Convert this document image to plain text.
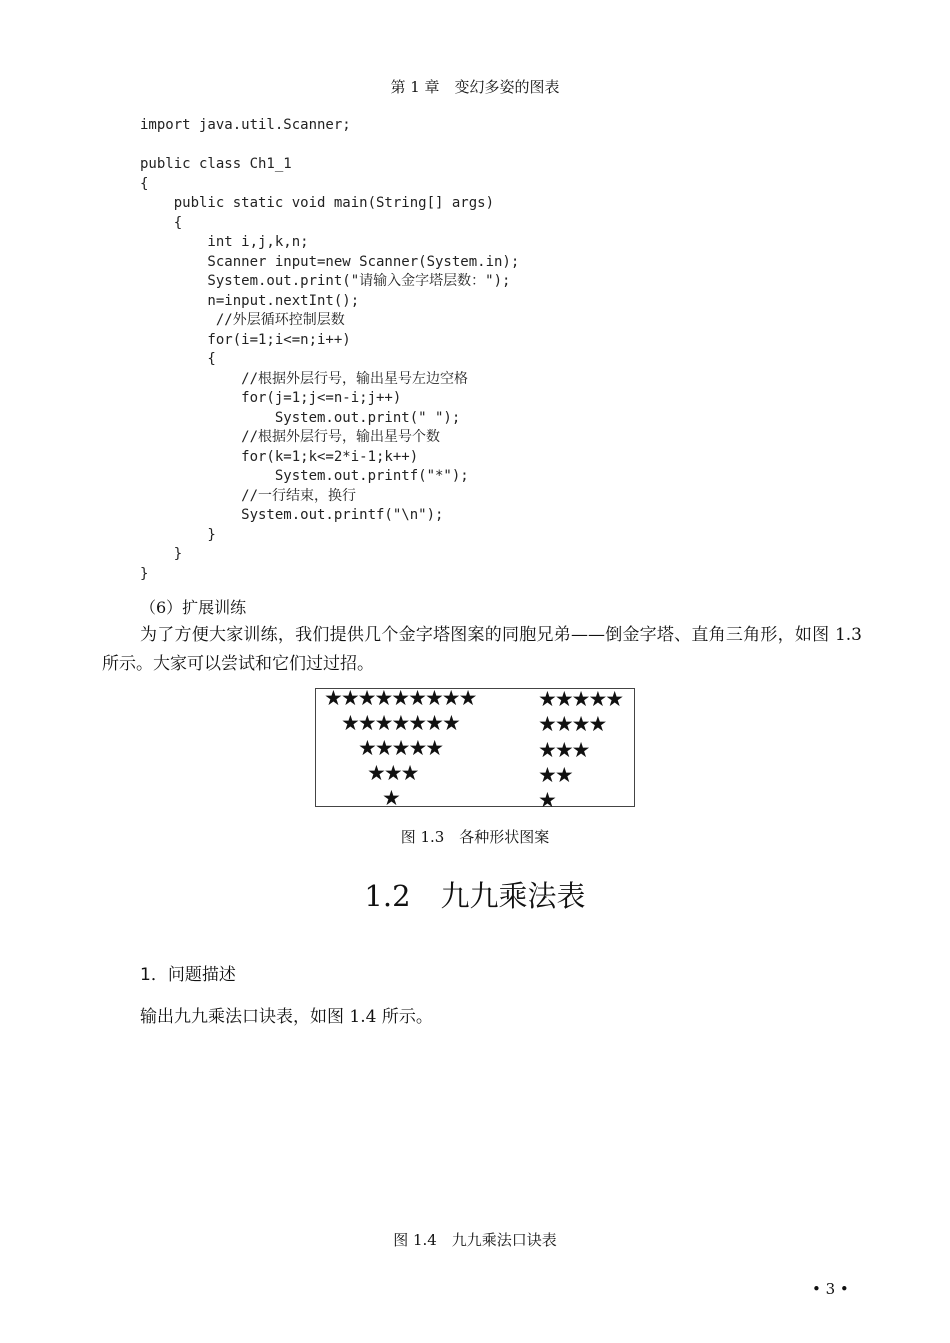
第 1 章　变幻多姿的图表
import java.util.Scanner;
public class Ch1_1
{
public static void main(String[] args)
{
int i,j,k,n;
Scanner input=new Scanner(System.in);
System.out.print("请输入金字塔层数：");
n=input.nextInt();
//外层循环控制层数
for(i=1;i<=n;i++)
{
//根据外层行号，输出星号左边空格
for(j=1;j<=n-i;j++)
System.out.print(" ");
//根据外层行号，输出星号个数
for(k=1;k<=2*i-1;k++)
System.out.printf("*");
//一行结束，换行
System.out.printf("\n");
}
}
}
（6）扩展训练

为了方便大家训练，我们提供几个金字塔图案的同胞兄弟——倒金字塔、直角三角形，如图 1.3 所示。大家可以尝试和它们过过招。

★★★★★★★★★
★★★★★★★
★★★★★
★★★
★
★★★★★
★★★★
★★★
★★
★
图 1.3　各种形状图案
1.2 九九乘法表
1．问题描述
输出九九乘法口诀表，如图 1.4 所示。
图 1.4　九九乘法口诀表
• 3 •
